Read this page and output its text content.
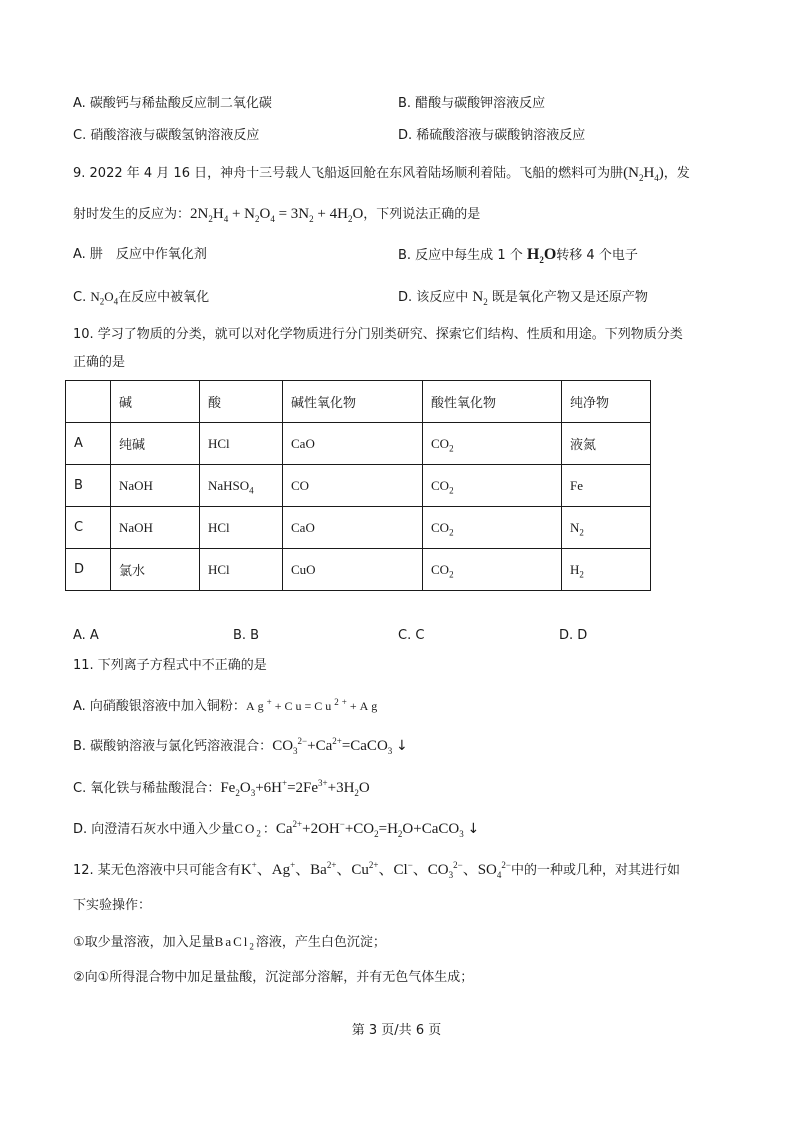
A. 碳酸钙与稀盐酸反应制二氧化碳	B. 醋酸与碳酸钾溶液反应
C. 硝酸溶液与碳酸氢钠溶液反应	D. 稀硫酸溶液与碳酸钠溶液反应
9. 2022 年 4 月 16 日，神舟十三号载人飞船返回舱在东风着陆场顺利着陆。飞船的燃料可为肼$(N_2H_4)$，发
射时发生的反应为：$2N_2H_4 + N_2O_4 = 3N_2 + 4H_2O$，下列说法正确的是
A. 肼　反应中作氧化剂	B. 反应中每生成 1 个 $H_2O$转移 4 个电子
C. $N_2O_4$在反应中被氧化	D. 该反应中 $N_2$ 既是氧化产物又是还原产物
10. 学习了物质的分类，就可以对化学物质进行分门别类研究、探索它们结构、性质和用途。下列物质分类
正确的是
	碱	酸	碱性氧化物	酸性氧化物	纯净物
A	纯碱	HCl	CaO	$CO_2$	液氮
B	NaOH	NaHSO$_4$	CO	$CO_2$	Fe
C	NaOH	HCl	CaO	$CO_2$	$N_2$
D	氯水	HCl	CuO	$CO_2$	$H_2$
A. A	B. B	C. C	D. D
11. 下列离子方程式中不正确的是
A. 向硝酸银溶液中加入铜粉：$Ag^++Cu=Cu^{2+}+Ag$
B. 碳酸钠溶液与氯化钙溶液混合：$CO_3^{2-}+Ca^{2+}=CaCO_3$ ↓
C. 氧化铁与稀盐酸混合：$Fe_2O_3+6H^+=2Fe^{3+}+3H_2O$
D. 向澄清石灰水中通入少量$CO_2$：$Ca^{2+}+2OH^-+CO_2=H_2O+CaCO_3$ ↓
12. 某无色溶液中只可能含有K+、Ag+、$Ba^{2+}$、$Cu^{2+}$、Cl−、$CO_3^{2-}$、$SO_4^{2-}$中的一种或几种，对其进行如
下实验操作：
①取少量溶液，加入足量BaCl$_2$溶液，产生白色沉淀；
②向①所得混合物中加足量盐酸，沉淀部分溶解，并有无色气体生成；
第 3 页/共 6 页
